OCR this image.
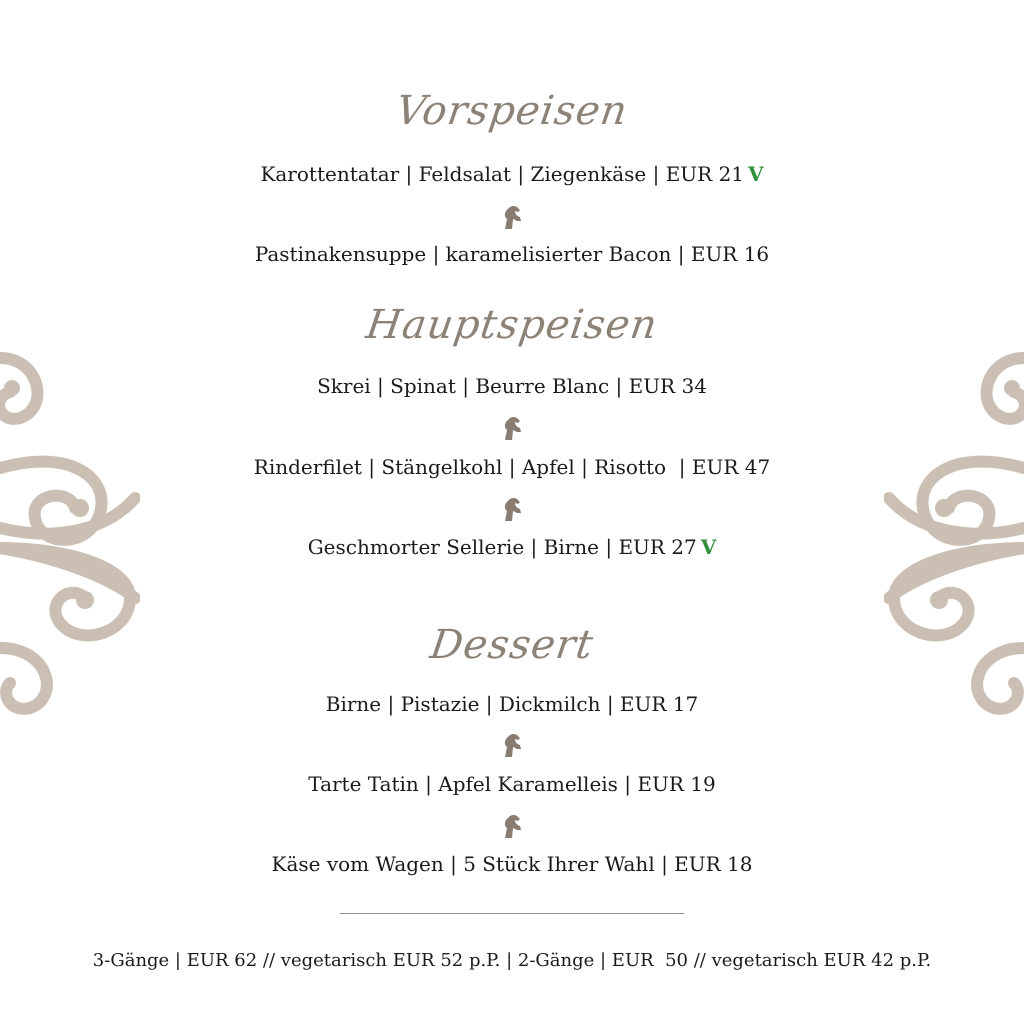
Vorspeisen
Karottentatar | Feldsalat | Ziegenkäse | EUR 21 V
Pastinakensuppe | karamelisierter Bacon | EUR 16
Hauptspeisen
Skrei | Spinat | Beurre Blanc | EUR 34
Rinderfilet | Stängelkohl | Apfel | Risotto  | EUR 47
Geschmorter Sellerie | Birne | EUR 27 V
Dessert
Birne | Pistazie | Dickmilch | EUR 17
Tarte Tatin | Apfel Karamelleis | EUR 19
Käse vom Wagen | 5 Stück Ihrer Wahl | EUR 18
3-Gänge | EUR 62 // vegetarisch EUR 52 p.P. | 2-Gänge | EUR  50 // vegetarisch EUR 42 p.P.
